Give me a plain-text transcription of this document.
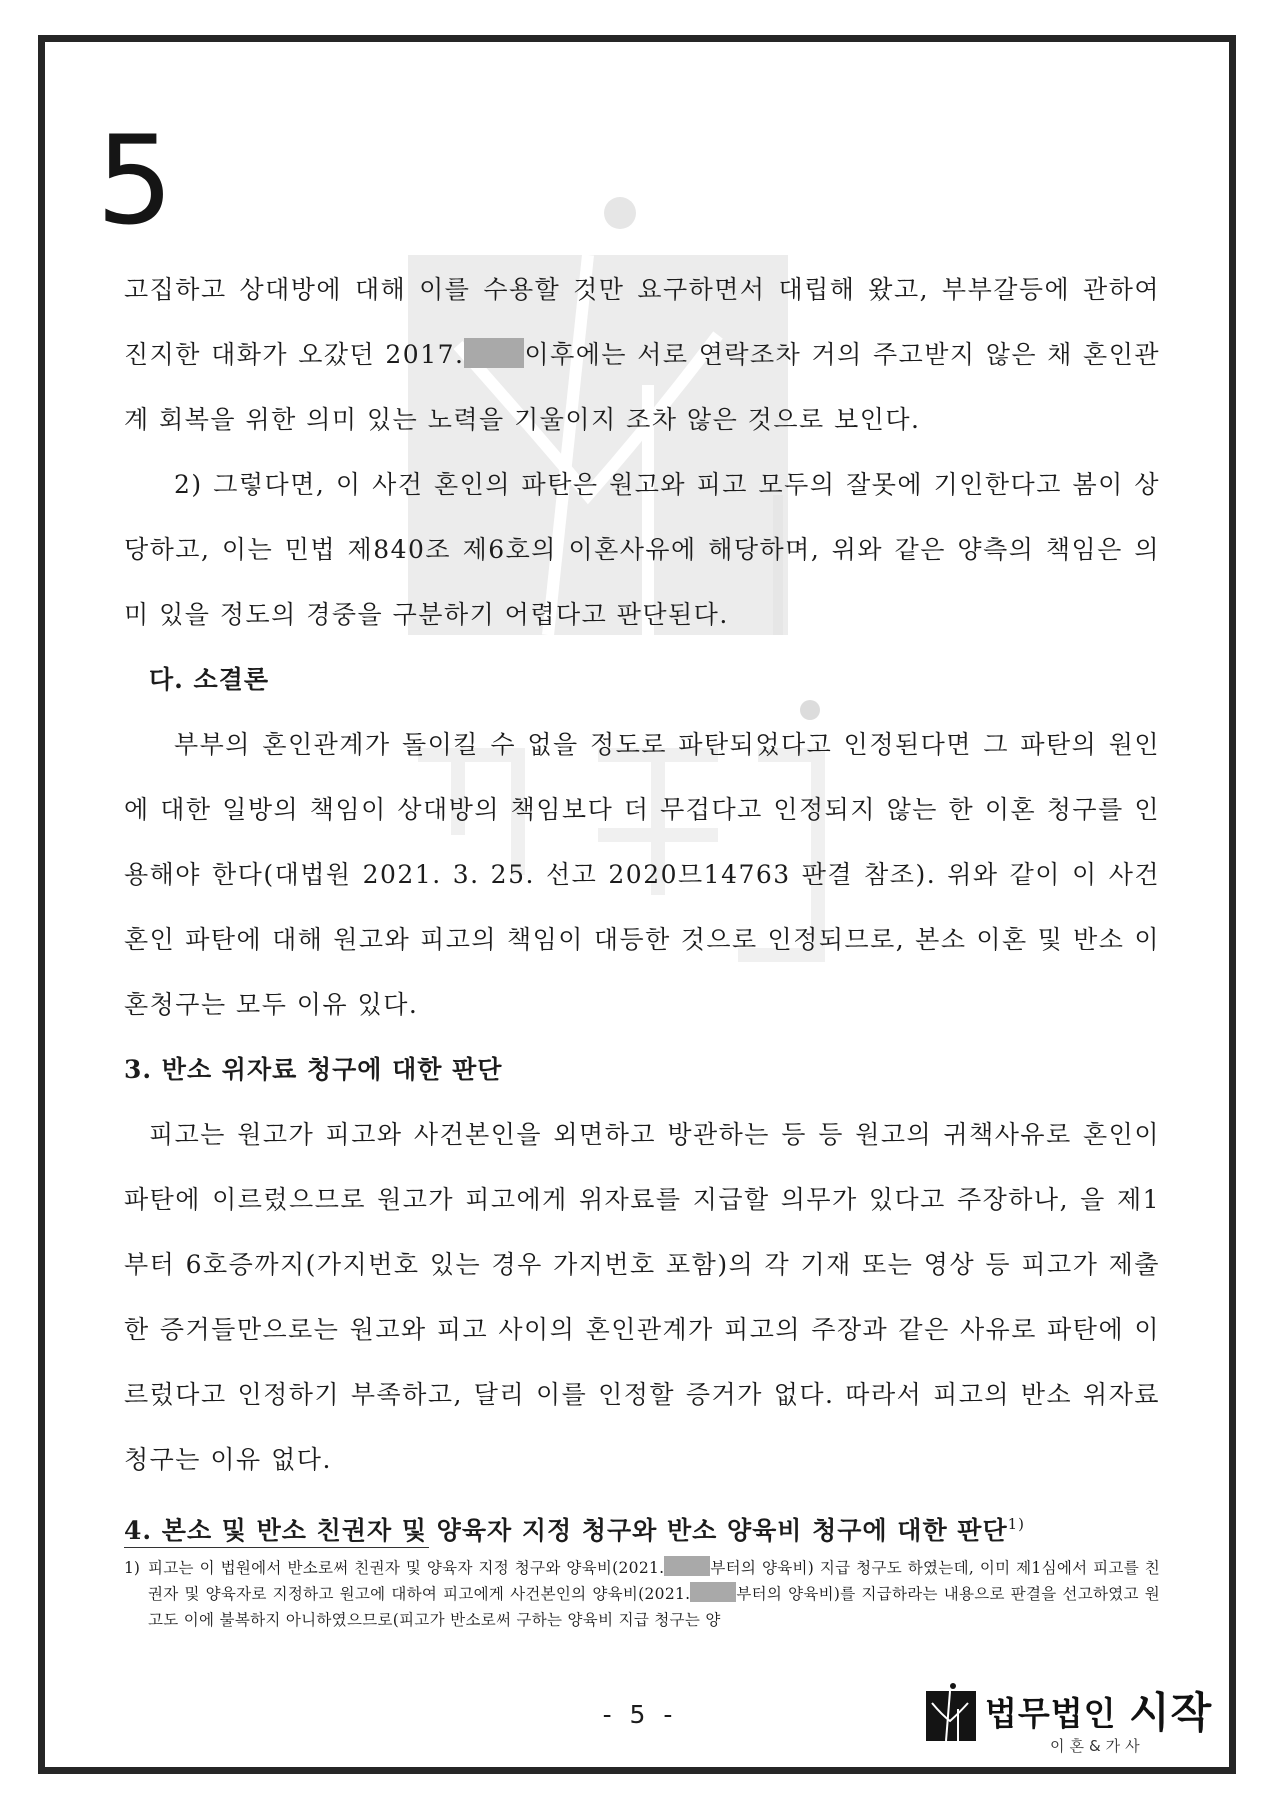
5

고집하고 상대방에 대해 이를 수용할 것만 요구하면서 대립해 왔고, 부부갈등에 관하여 진지한 대화가 오갔던 2017. 이후에는 서로 연락조차 거의 주고받지 않은 채 혼인관계 회복을 위한 의미 있는 노력을 기울이지 조차 않은 것으로 보인다.

2) 그렇다면, 이 사건 혼인의 파탄은 원고와 피고 모두의 잘못에 기인한다고 봄이 상당하고, 이는 민법 제840조 제6호의 이혼사유에 해당하며, 위와 같은 양측의 책임은 의미 있을 정도의 경중을 구분하기 어렵다고 판단된다.

다. 소결론

부부의 혼인관계가 돌이킬 수 없을 정도로 파탄되었다고 인정된다면 그 파탄의 원인에 대한 일방의 책임이 상대방의 책임보다 더 무겁다고 인정되지 않는 한 이혼 청구를 인용해야 한다(대법원 2021. 3. 25. 선고 2020므14763 판결 참조). 위와 같이 이 사건 혼인 파탄에 대해 원고와 피고의 책임이 대등한 것으로 인정되므로, 본소 이혼 및 반소 이혼청구는 모두 이유 있다.

3. 반소 위자료 청구에 대한 판단

피고는 원고가 피고와 사건본인을 외면하고 방관하는 등 등 원고의 귀책사유로 혼인이 파탄에 이르렀으므로 원고가 피고에게 위자료를 지급할 의무가 있다고 주장하나, 을 제1부터 6호증까지(가지번호 있는 경우 가지번호 포함)의 각 기재 또는 영상 등 피고가 제출한 증거들만으로는 원고와 피고 사이의 혼인관계가 피고의 주장과 같은 사유로 파탄에 이르렀다고 인정하기 부족하고, 달리 이를 인정할 증거가 없다. 따라서 피고의 반소 위자료 청구는 이유 없다.

4. 본소 및 반소 친권자 및 양육자 지정 청구와 반소 양육비 청구에 대한 판단$^{1)}$

1) 피고는 이 법원에서 반소로써 친권자 및 양육자 지정 청구와 양육비(2021.	부터의 양육비) 지급 청구도 하였는데, 이미 제1심에서 피고를 친권자 및 양육자로 지정하고 원고에 대하여 피고에게 사건본인의 양육비(2021.	부터의 양육비)를 지급하라는 내용으로 판결을 선고하였고 원고도 이에 불복하지 아니하였으므로(피고가 반소로써 구하는 양육비 지급 청구는 양
- 5 -	법무법인 시작
이혼&가사
